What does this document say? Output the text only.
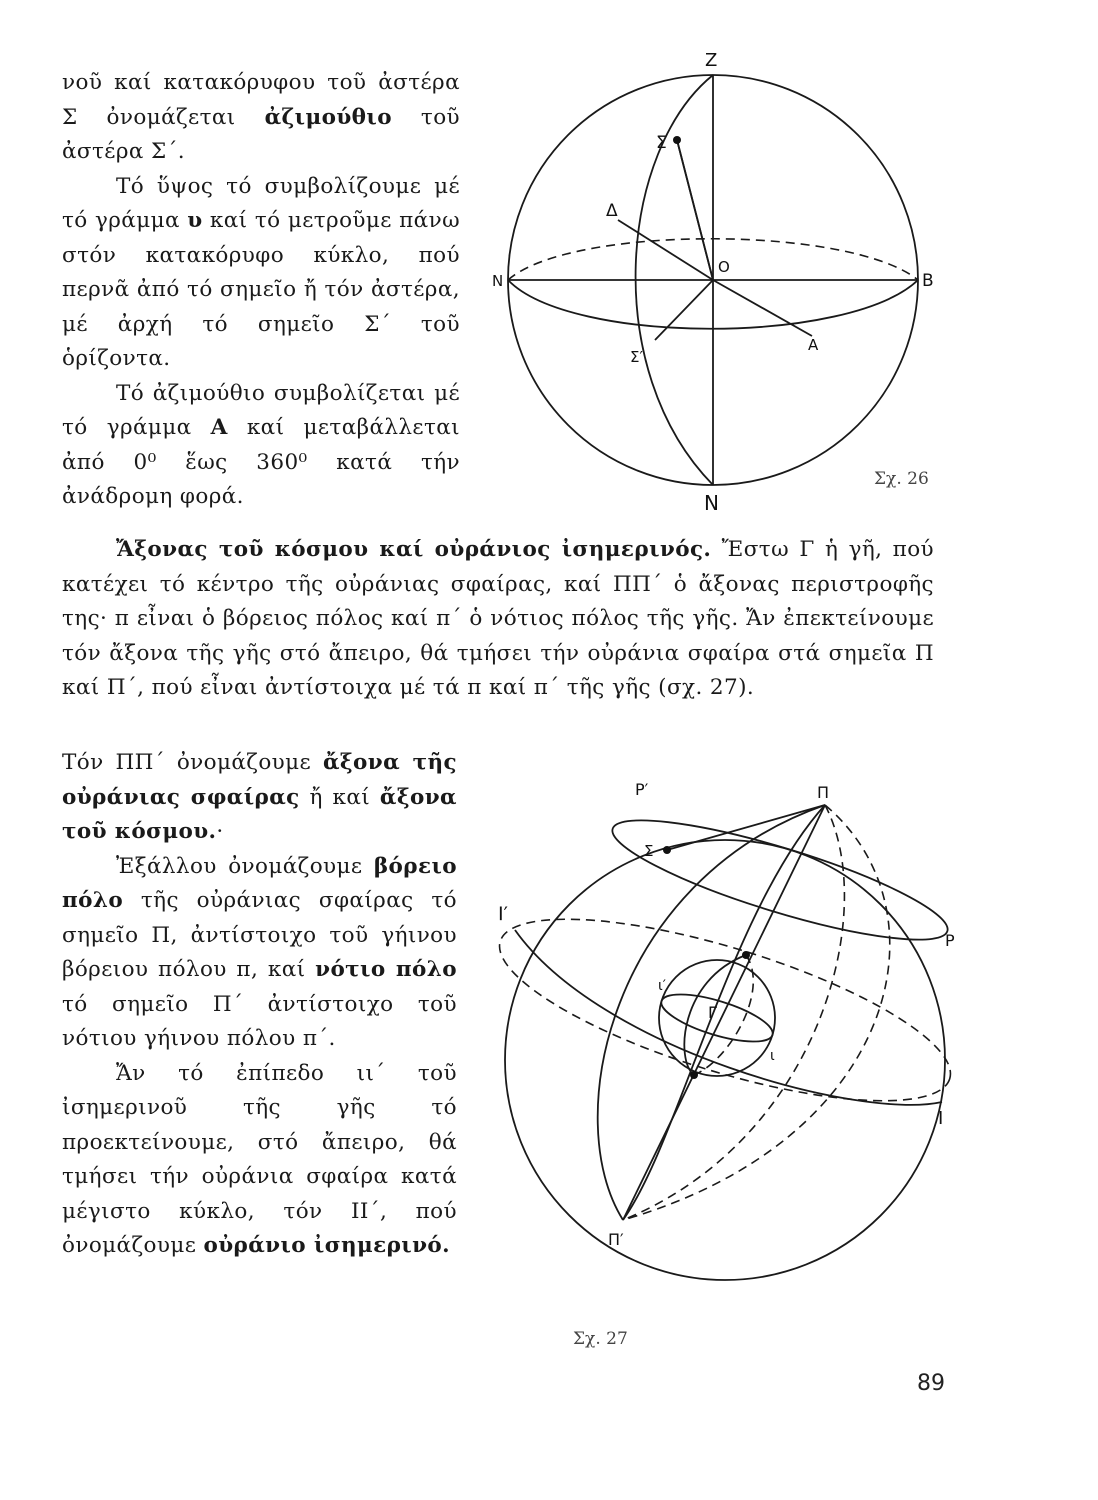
νοῦ καί κατακόρυφου τοῦ ἀστέρα Σ ὀνομάζεται ἀζιμούθιο τοῦ ἀστέρα Σ΄.

Τό ὕψος τό συμβολίζουμε μέ τό γράμμα υ καί τό μετροῦμε πάνω στόν κατακόρυφο κύκλο, πού περνᾶ ἀπό τό σημεῖο ἤ τόν ἀστέρα, μέ ἀρχή τό σημεῖο Σ΄ τοῦ ὁρίζοντα.

Τό ἀζιμούθιο συμβολίζεται μέ τό γράμμα Α καί μεταβάλλεται ἀπό 0⁰ ἕως 360⁰ κατά τήν ἀνάδρομη φορά.

Z
Σ
Δ
N
O
B
Σ′
A
N
Σχ. 26

Ἄξονας τοῦ κόσμου καί οὐράνιος ἰσημερινός. Ἔστω Γ ἡ γῆ, πού κατέχει τό κέντρο τῆς οὐράνιας σφαίρας, καί ΠΠ΄ ὁ ἄξονας περιστροφῆς της· π εἶναι ὁ βόρειος πόλος καί π΄ ὁ νότιος πόλος τῆς γῆς. Ἄν ἐπεκτείνουμε τόν ἄξονα τῆς γῆς στό ἄπειρο, θά τμήσει τήν οὐράνια σφαίρα στά σημεῖα Π καί Π΄, πού εἶναι ἀντίστοιχα μέ τά π καί π΄ τῆς γῆς (σχ. 27).

Τόν ΠΠ΄ ὀνομάζουμε ἄξονα τῆς οὐράνιας σφαίρας ἤ καί ἄξονα τοῦ κόσμου.·

Ἐξάλλου ὀνομάζουμε βόρειο πόλο τῆς οὐράνιας σφαίρας τό σημεῖο Π, ἀντίστοιχο τοῦ γήινου βόρειου πόλου π, καί νότιο πόλο τό σημεῖο Π΄ ἀντίστοιχο τοῦ νότιου γήινου πόλου π΄.

Ἄν τό ἐπίπεδο ιι΄ τοῦ ἰσημερινοῦ τῆς γῆς τό προεκτείνουμε, στό ἄπειρο, θά τμήσει τήν οὐράνια σφαίρα κατά μέγιστο κύκλο, τόν ΙΙ΄, πού ὀνομάζουμε οὐράνιο ἰσημερινό.

P′	Π
Σ
Ι′
P
ι′
Γ
ι
Ι
Π′
Σχ. 27
89
